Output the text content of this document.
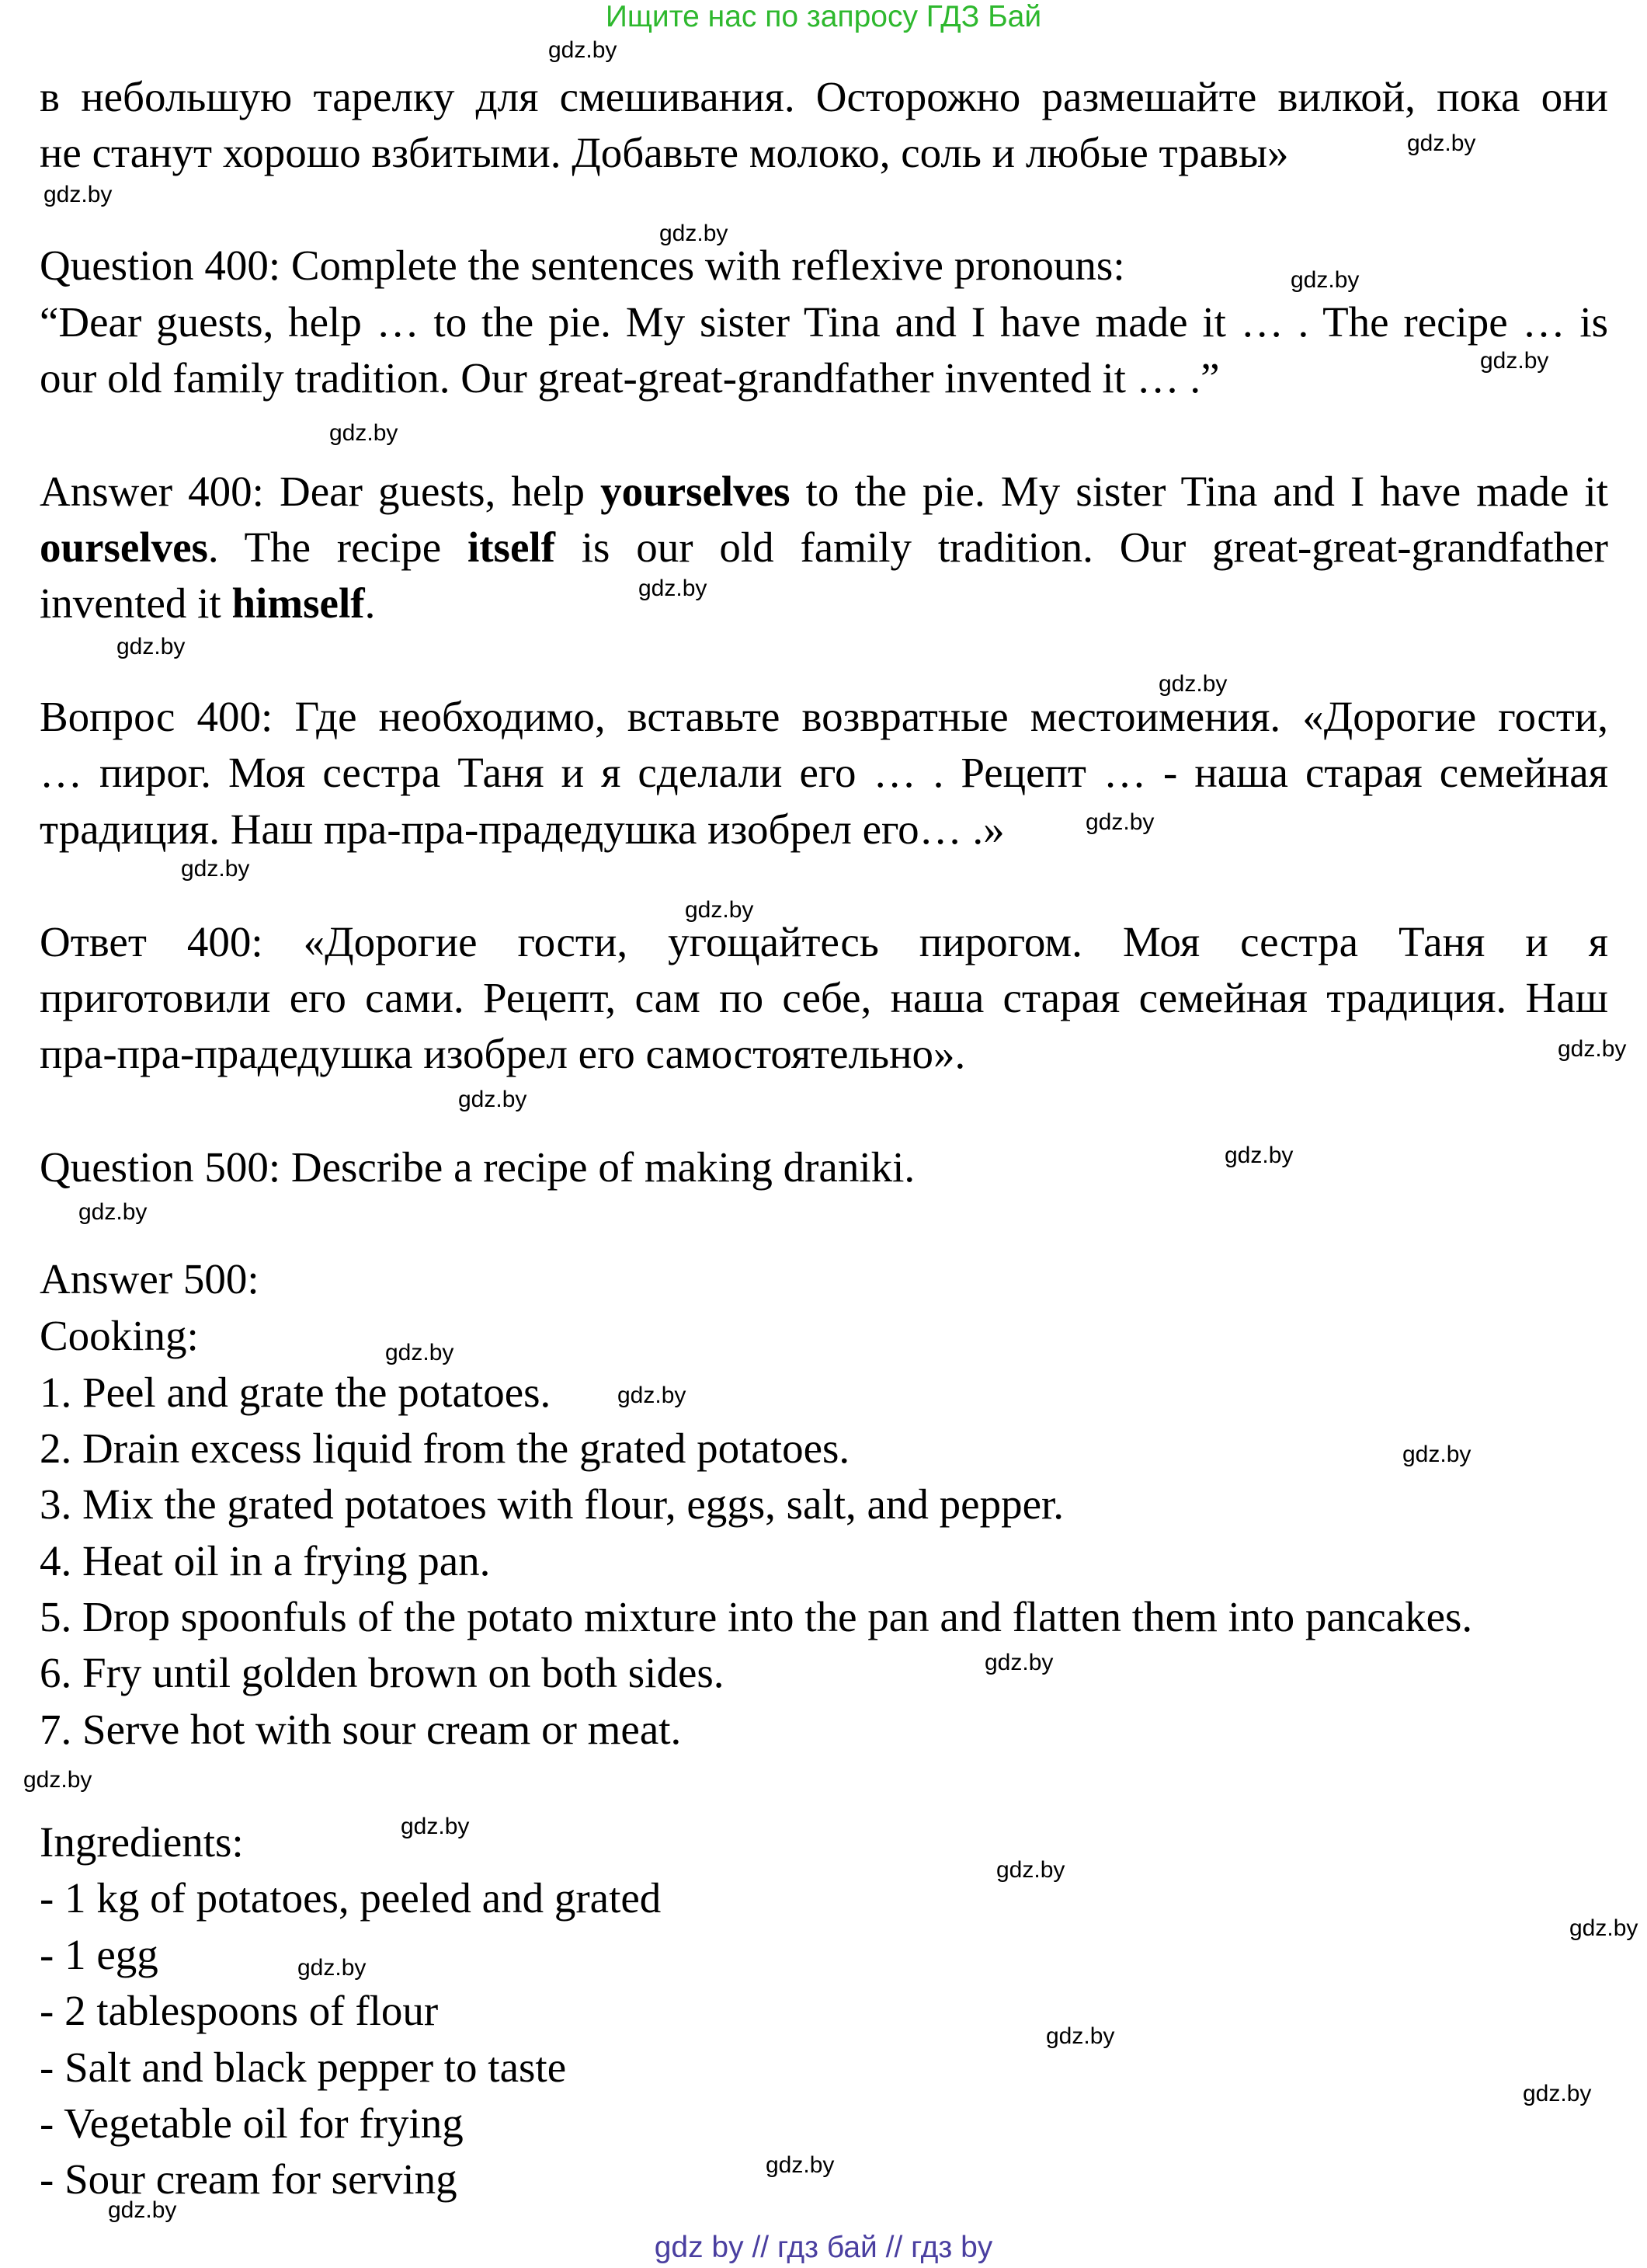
Ищите нас по запросу ГДЗ Бай
в небольшую тарелку для смешивания. Осторожно размешайте вилкой, пока они
не станут хорошо взбитыми. Добавьте молоко, соль и любые травы»
Question 400: Complete the sentences with reflexive pronouns:
“Dear guests, help … to the pie. My sister Tina and I have made it … . The recipe … is
our old family tradition. Our great-great-grandfather invented it … .”
Answer 400: Dear guests, help yourselves to the pie. My sister Tina and I have made it
ourselves. The recipe itself is our old family tradition. Our great-great-grandfather
invented it himself.
Вопрос 400: Где необходимо, вставьте возвратные местоимения. «Дорогие гости,
… пирог. Моя сестра Таня и я сделали его … . Рецепт … - наша старая семейная
традиция. Наш пра-пра-прадедушка изобрел его… .»
Ответ 400: «Дорогие гости, угощайтесь пирогом. Моя сестра Таня и я
приготовили его сами. Рецепт, сам по себе, наша старая семейная традиция. Наш
пра-пра-прадедушка изобрел его самостоятельно».
Question 500: Describe a recipe of making draniki.
Answer 500:
Cooking:
1. Peel and grate the potatoes.
2. Drain excess liquid from the grated potatoes.
3. Mix the grated potatoes with flour, eggs, salt, and pepper.
4. Heat oil in a frying pan.
5. Drop spoonfuls of the potato mixture into the pan and flatten them into pancakes.
6. Fry until golden brown on both sides.
7. Serve hot with sour cream or meat.
Ingredients:
- 1 kg of potatoes, peeled and grated
- 1 egg
- 2 tablespoons of flour
- Salt and black pepper to taste
- Vegetable oil for frying
- Sour cream for serving
gdz.by
gdz.by
gdz.by
gdz.by
gdz.by
gdz.by
gdz.by
gdz.by
gdz.by
gdz.by
gdz.by
gdz.by
gdz.by
gdz.by
gdz.by
gdz.by
gdz.by
gdz.by
gdz.by
gdz.by
gdz.by
gdz.by
gdz.by
gdz.by
gdz.by
gdz.by
gdz.by
gdz.by
gdz.by
gdz.by
gdz by // гдз бай // гдз by
